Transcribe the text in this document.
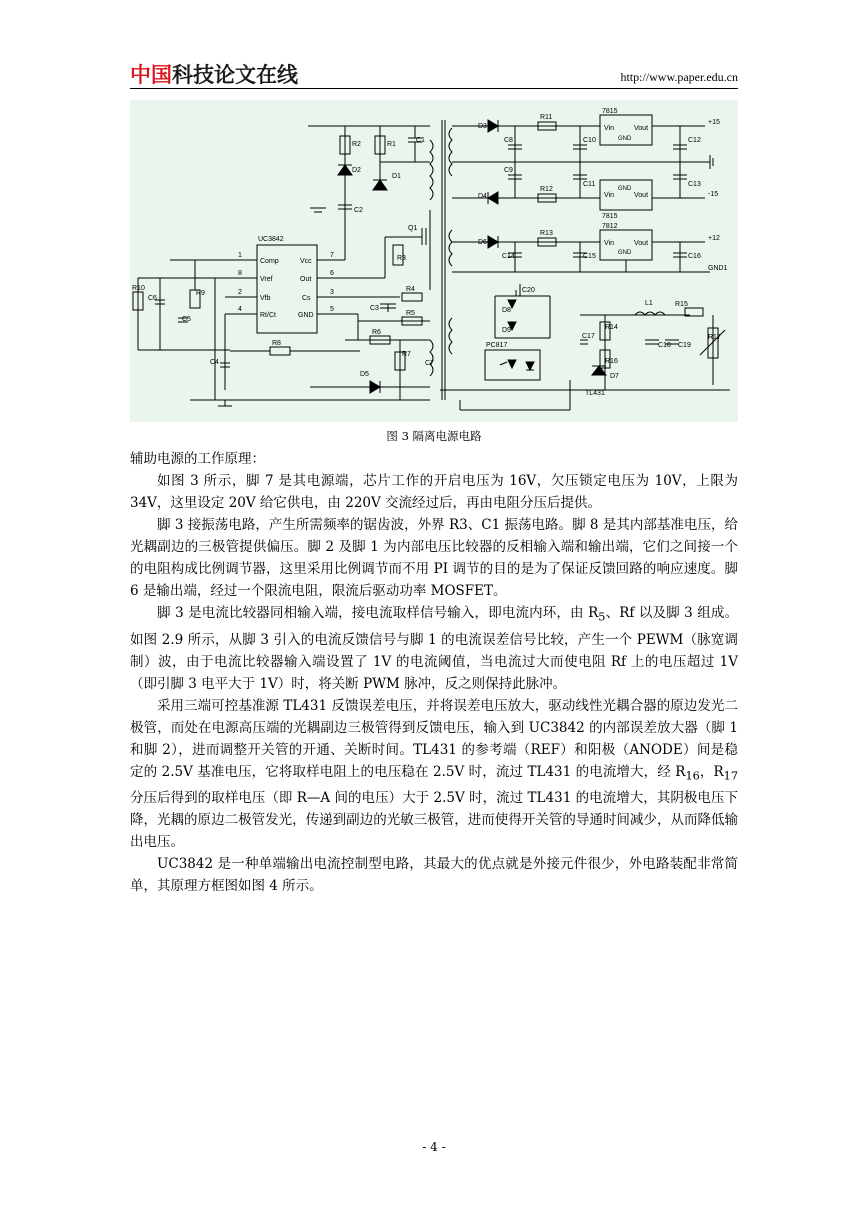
中国科技论文在线	http://www.paper.edu.cn
UC3842
Comp
Vref
Vfb
Rt/Ct
Vcc
Out
Cs
GND
1
8
2
4
7
6
3
5
R1
R2
R3
R4
R5
R6
R7
R8
R9
R10
R11
R12
R13
R14
R15
R16
R17
C1
C2
C3
C4
C5
C6
C7
C8
C9
C10
C11
C12
C13
C14	C15	C16
C17
C18 C19
C20
D1
D2
D3
D4
D5
D6
D7
D8
D9
Q1
L1
PC817
TL431
7815
7815
7812
Vin	Vout
Vin	Vout
Vin	Vout
GND
GND
GND
+15
-15
+12
GND1
图 3 隔离电源电路

辅助电源的工作原理：

如图 3 所示，脚 7 是其电源端，芯片工作的开启电压为 16V，欠压锁定电压为 10V，上限为 34V，这里设定 20V 给它供电，由 220V 交流经过后，再由电阻分压后提供。

脚 3 接振荡电路，产生所需频率的锯齿波，外界 R3、C1 振荡电路。脚 8 是其内部基准电压，给光耦副边的三极管提供偏压。脚 2 及脚 1 为内部电压比较器的反相输入端和输出端，它们之间接一个的电阻构成比例调节器，这里采用比例调节而不用 PI 调节的目的是为了保证反馈回路的响应速度。脚 6 是输出端，经过一个限流电阻，限流后驱动功率 MOSFET。

脚 3 是电流比较器同相输入端，接电流取样信号输入，即电流内环，由 $R_5$、Rf 以及脚 3 组成。如图 2.9 所示，从脚 3 引入的电流反馈信号与脚 1 的电流误差信号比较，产生一个 PEWM（脉宽调制）波，由于电流比较器输入端设置了 1V 的电流阈值，当电流过大而使电阻 Rf 上的电压超过 1V（即引脚 3 电平大于 1V）时，将关断 PWM 脉冲，反之则保持此脉冲。

采用三端可控基准源 TL431 反馈误差电压，并将误差电压放大，驱动线性光耦合器的原边发光二极管，而处在电源高压端的光耦副边三极管得到反馈电压，输入到 UC3842 的内部误差放大器（脚 1 和脚 2），进而调整开关管的开通、关断时间。TL431 的参考端（REF）和阳极（ANODE）间是稳定的 2.5V 基准电压，它将取样电阻上的电压稳在 2.5V 时，流过 TL431 的电流增大，经 $R_{16}$，$R_{17}$ 分压后得到的取样电压（即 R—A 间的电压）大于 2.5V 时，流过 TL431 的电流增大，其阴极电压下降，光耦的原边二极管发光，传递到副边的光敏三极管，进而使得开关管的导通时间减少，从而降低输出电压。

UC3842 是一种单端输出电流控制型电路，其最大的优点就是外接元件很少，外电路装配非常简单，其原理方框图如图 4 所示。

- 4 -
